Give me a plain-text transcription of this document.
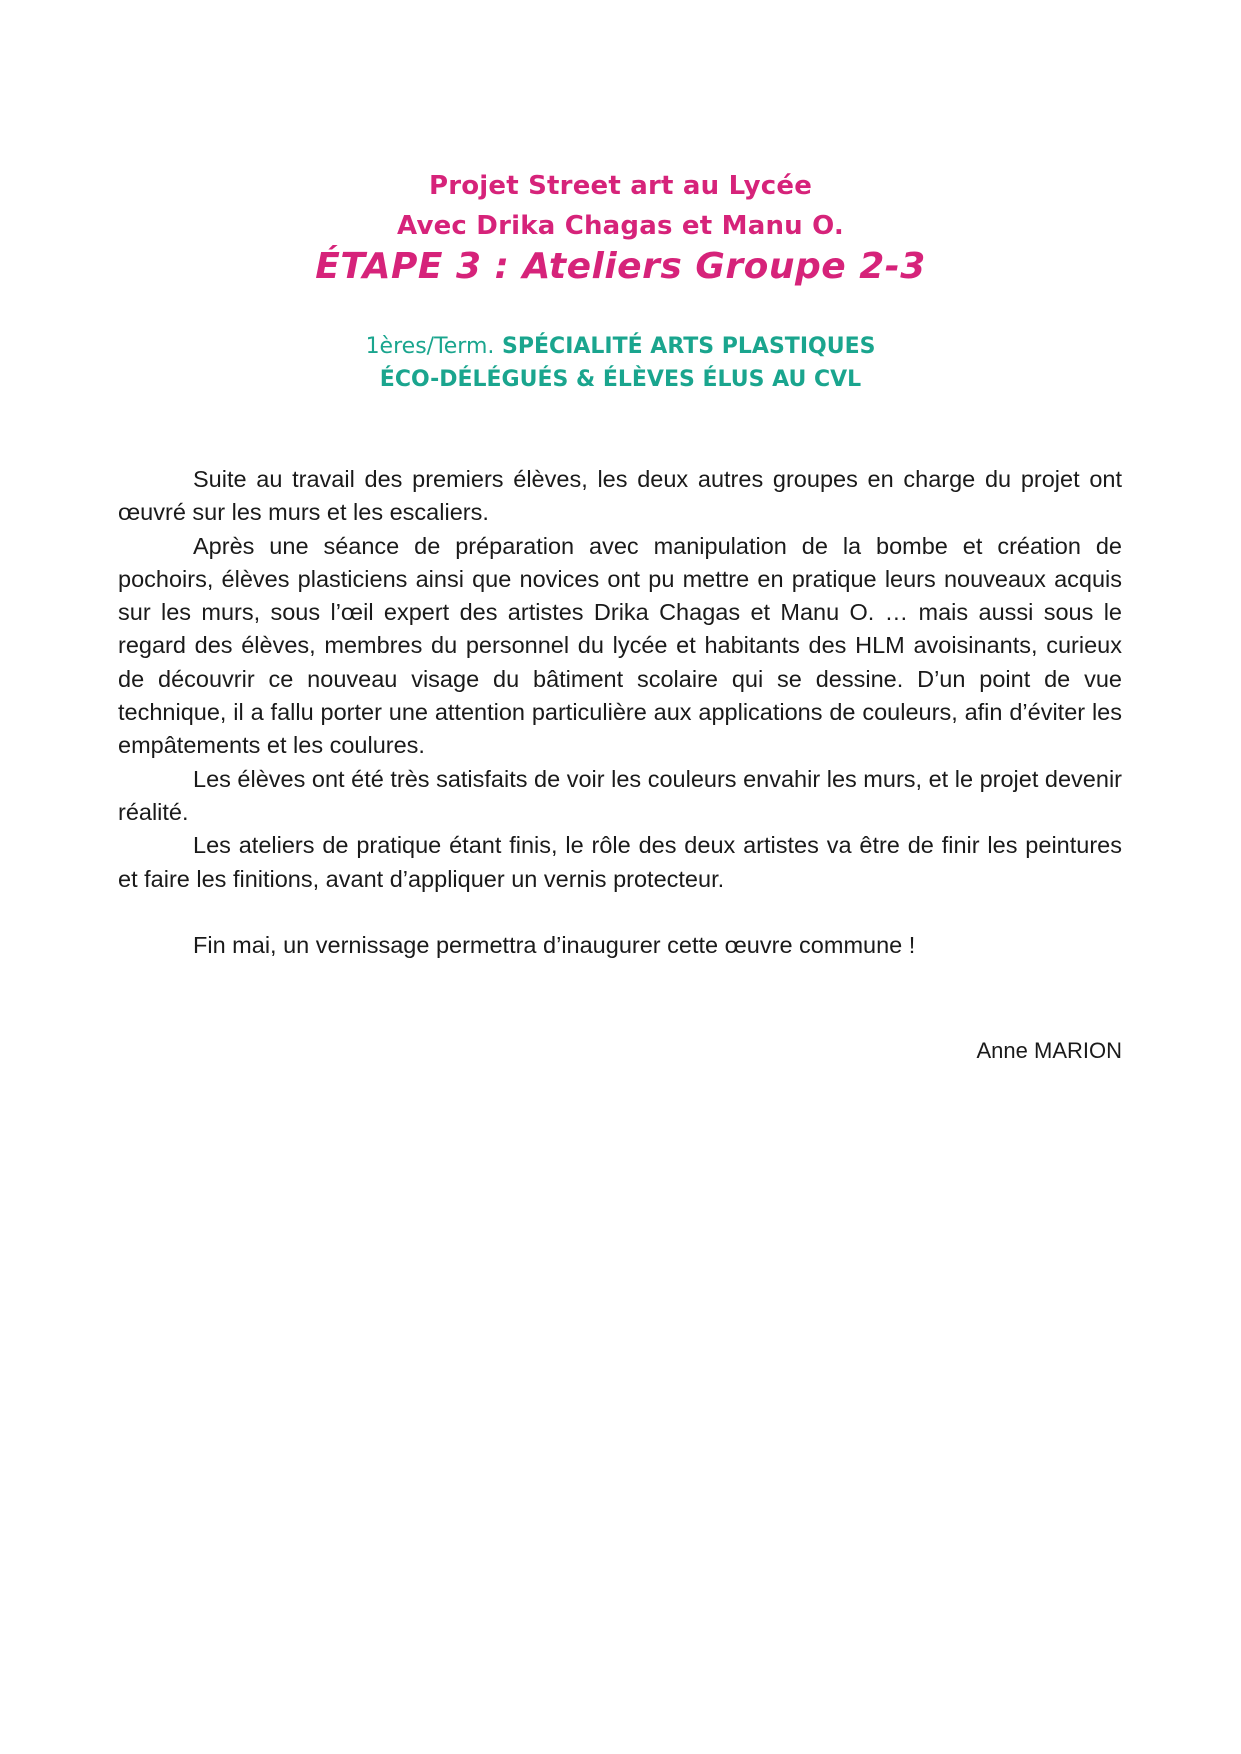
Projet Street art au Lycée
Avec Drika Chagas et Manu O.
ÉTAPE 3 : Ateliers Groupe 2-3
1ères/Term. SPÉCIALITÉ ARTS PLASTIQUES
ÉCO-DÉLÉGUÉS & ÉLÈVES ÉLUS AU CVL

Suite au travail des premiers élèves, les deux autres groupes en charge du projet ont œuvré sur les murs et les escaliers.

Après une séance de préparation avec manipulation de la bombe et création de pochoirs, élèves plasticiens ainsi que novices ont pu mettre en pratique leurs nouveaux acquis sur les murs, sous l’œil expert des artistes Drika Chagas et Manu O. … mais aussi sous le regard des élèves, membres du personnel du lycée et habitants des HLM avoisinants, curieux de découvrir ce nouveau visage du bâtiment scolaire qui se dessine. D’un point de vue technique, il a fallu porter une attention particulière aux applications de couleurs, afin d’éviter les empâtements et les coulures.

Les élèves ont été très satisfaits de voir les couleurs envahir les murs, et le projet devenir réalité.

Les ateliers de pratique étant finis, le rôle des deux artistes va être de finir les peintures et faire les finitions, avant d’appliquer un vernis protecteur.

Fin mai, un vernissage permettra d’inaugurer cette œuvre commune !

Anne MARION
